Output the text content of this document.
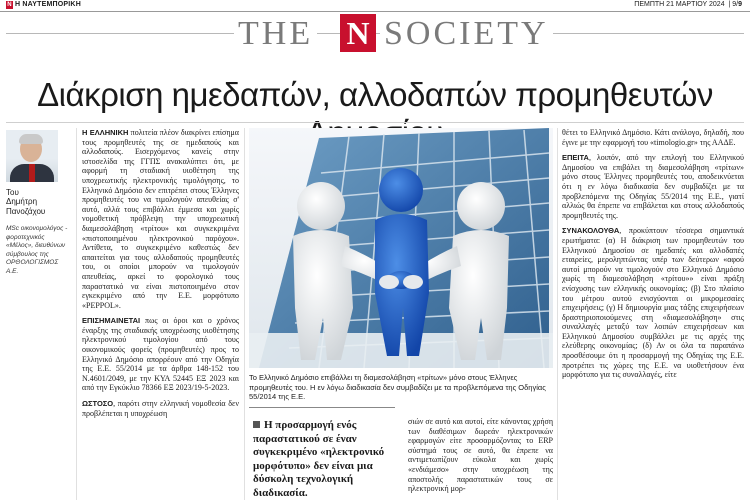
N Η ΝΑΥΤΕΜΠΟΡΙΚΗ	ΠΕΜΠΤΗ 21 ΜΑΡΤΙΟΥ 2024  | 9/9
THE N SOCIETY
Διάκριση ημεδαπών, αλλοδαπών προμηθευτών
Του
Δημήτρη
Πανοζάχου
MSc οικονομολόγος - φοροτεχνικός «Μέλος», διευθύνων σύμβουλος της ΟΡΘΟΛΟΓΙΣΜΟΣ Α.Ε.

Η ΕΛΛΗΝΙΚΗ πολιτεία πλέον διακρίνει επίσημα τους προμηθευτές της σε ημεδαπούς και αλλοδαπούς. Εισερχόμενος κανείς στην ιστοσελίδα της ΓΓΠΣ ανακαλύπτει ότι, με αφορμή τη σταδιακή υιοθέτηση της υποχρεωτικής ηλεκτρονικής τιμολόγησης, το Ελληνικό Δημόσιο δεν επιτρέπει στους Έλληνες προμηθευτές του να τιμολογούν απευθείας σ' αυτό, αλλά τους επιβάλλει έμμεσα και χωρίς νομοθετική πρόβλεψη την υποχρεωτική διαμεσολάβηση «τρίτου» και συγκεκριμένα «πιστοποιημένου ηλεκτρονικού παρόχου». Αντίθετα, το συγκεκριμένο καθεστώς δεν απαιτείται για τους αλλοδαπούς προμηθευτές του, οι οποίοι μπορούν να τιμολογούν απευθείας, αρκεί το φορολογικό τους παραστατικό να είναι πιστοποιημένο στον εγκεκριμένο από την Ε.Ε. μορφότυπο «PEPPOL».

ΕΠΙΣΗΜΑΙΝΕΤΑΙ πως οι όροι και ο χρόνος έναρξης της σταδιακής υποχρέωσης υιοθέτησης ηλεκτρονικού τιμολογίου από τους οικονομικούς φορείς (προμηθευτές) προς το Ελληνικό Δημόσιο απορρέουν από την Οδηγία της Ε.Ε. 55/2014 με τα άρθρα 148-152 του Ν.4601/2049, με την ΚΥΑ 52445 ΕΞ 2023 και από την Εγκύκλιο 78366 ΕΞ 2023/19-5-2023.

ΩΣΤΟΣΟ, παρότι στην ελληνική νομοθεσία δεν προβλέπεται η υποχρέωση

Το Ελληνικό Δημόσιο επιβάλλει τη διαμεσολάβηση «τρίτων» μόνο στους Έλληνες προμηθευτές του. Η εν λόγω διαδικασία δεν συμβαδίζει με τα προβλεπόμενα της Οδηγίας 55/2014 της Ε.Ε.
Η προσαρμογή ενός παραστατικού σε έναν συγκεκριμένο «ηλεκτρονικό μορφότυπο» δεν είναι μια δύσκολη τεχνολογική διαδικασία.

σιών σε αυτό και αυτοί, είτε κάνοντας χρήση των διαθέσιμων δωρεάν ηλεκτρονικών εφαρμογών είτε προσαρμόζοντας το ERP σύστημά τους σε αυτό, θα έπρεπε να αντιμετωπίζουν εύκολα και χωρίς «ενδιάμεσο» στην υποχρέωση της αποστολής παραστατικών τους σε ηλεκτρονική μορ-

θέτει το Ελληνικό Δημόσιο. Κάτι ανάλογο, δηλαδή, που έγινε με την εφαρμογή του «timologio.gr» της ΑΑΔΕ.

ΕΠΕΙΤΑ, λοιπόν, από την επιλογή του Ελληνικού Δημοσίου να επιβάλει τη διαμεσολάβηση «τρίτων» μόνο στους Έλληνες προμηθευτές του, αποδεικνύεται ότι η εν λόγω διαδικασία δεν συμβαδίζει με τα προβλεπόμενα της Οδηγίας 55/2014 της Ε.Ε., γιατί αλλιώς θα έπρεπε να επιβάλεται και στους αλλοδαπούς προμηθευτές της.

ΣΥΝΑΚΟΛΟΥΘΑ, προκύπτουν τέσσερα σημαντικά ερωτήματα: (α) Η διάκριση των προμηθευτών του Ελληνικού Δημοσίου σε ημεδαπές και αλλοδαπές εταιρείες, μεροληπτώντας υπέρ των δεύτερων «αφού αυτοί μπορούν να τιμολογούν στο Ελληνικό Δημόσιο χωρίς τη διαμεσολάβηση «τρίτου»» είναι πράξη ενίσχυσης των ελληνικής οικονομίας; (β) Στο πλαίσιο του μέτρου αυτού ενισχύονται οι μικρομεσαίες επιχειρήσεις; (γ) Η δημιουργία μιας τάξης επιχειρήσεων δραστηριοποιούμενες στη «διαμεσολάβηση» στις συναλλαγές μεταξύ των λοιπών επιχειρήσεων και Ελληνικού Δημοσίου συμβάλλει με τις αρχές της ελεύθερης οικονομίας; (δ) Αν οι όλα τα παραπάνω προσθέσουμε ότι η προσαρμογή της Οδηγίας της Ε.Ε. προτρέπει τις χώρες της Ε.Ε. να υιοθετήσουν ένα μορφότυπο για τις συναλλαγές, είτε
